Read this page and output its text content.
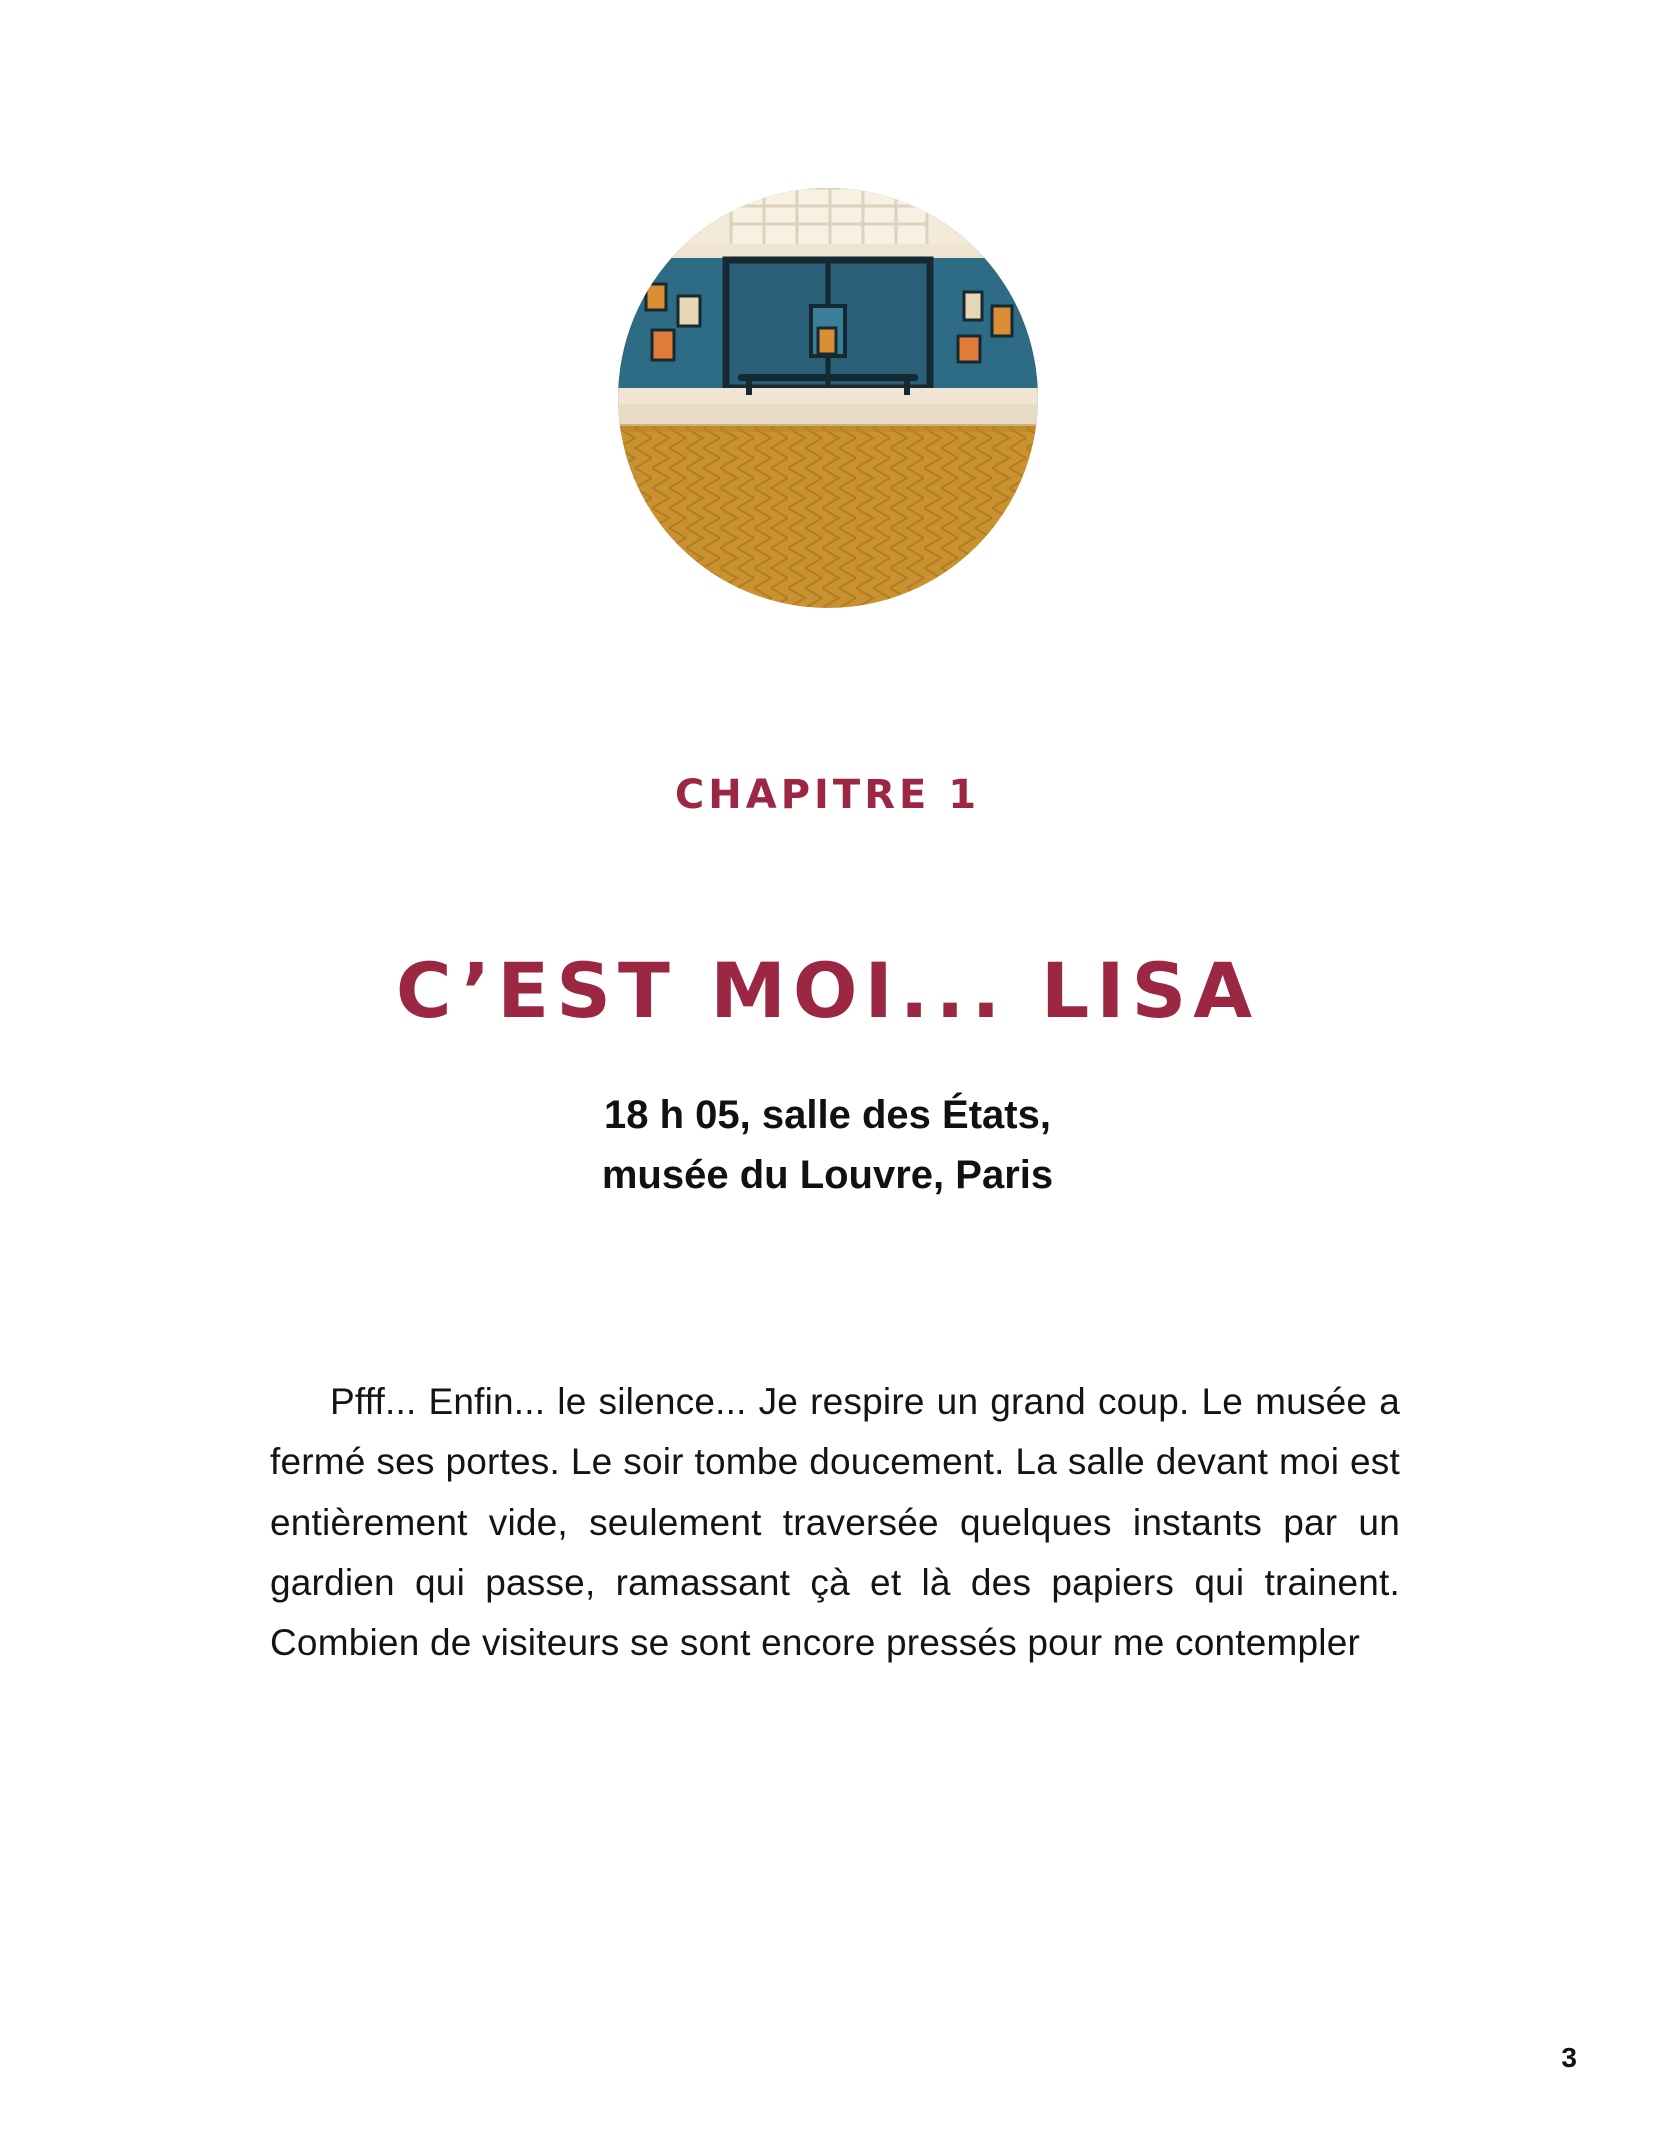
CHAPITRE 1
C’EST MOI... LISA
18 h 05, salle des États,
musée du Louvre, Paris

Pfff... Enfin... le silence... Je respire un grand coup. Le musée a fermé ses portes. Le soir tombe doucement. La salle devant moi est entièrement vide, seulement traversée quelques instants par un gardien qui passe, ramassant çà et là des papiers qui trainent. Combien de visiteurs se sont encore pressés pour me contempler

3
